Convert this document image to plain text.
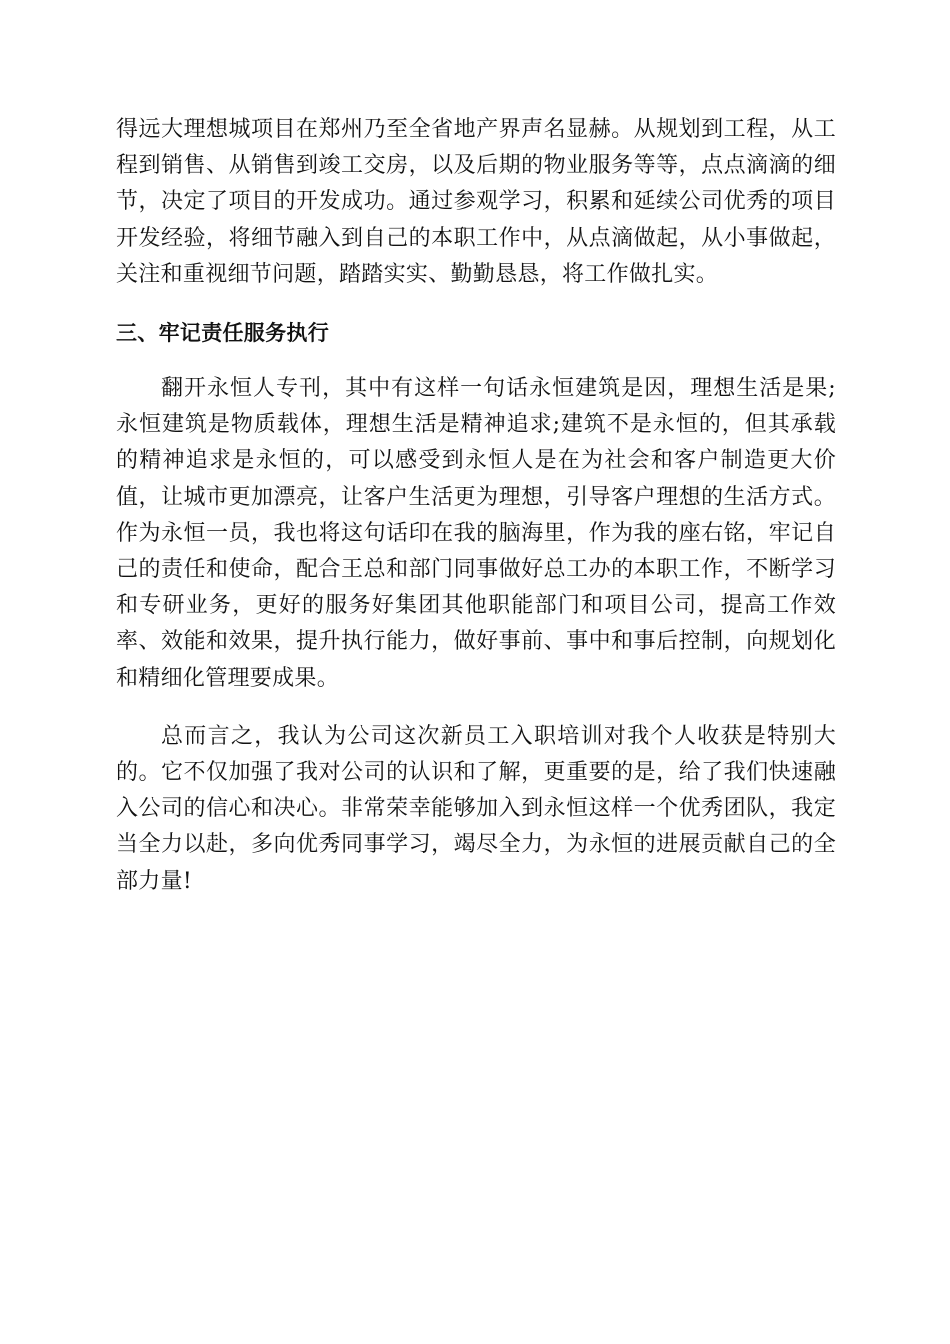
得远大理想城项目在郑州乃至全省地产界声名显赫。从规划到工程，从工程到销售、从销售到竣工交房，以及后期的物业服务等等，点点滴滴的细节，决定了项目的开发成功。通过参观学习，积累和延续公司优秀的项目开发经验，将细节融入到自己的本职工作中，从点滴做起，从小事做起，关注和重视细节问题，踏踏实实、勤勤恳恳，将工作做扎实。

三、牢记责任服务执行

翻开永恒人专刊，其中有这样一句话永恒建筑是因，理想生活是果;永恒建筑是物质载体，理想生活是精神追求;建筑不是永恒的，但其承载的精神追求是永恒的，可以感受到永恒人是在为社会和客户制造更大价值，让城市更加漂亮，让客户生活更为理想，引导客户理想的生活方式。作为永恒一员，我也将这句话印在我的脑海里，作为我的座右铭，牢记自己的责任和使命，配合王总和部门同事做好总工办的本职工作，不断学习和专研业务，更好的服务好集团其他职能部门和项目公司，提高工作效率、效能和效果，提升执行能力，做好事前、事中和事后控制，向规划化和精细化管理要成果。

总而言之，我认为公司这次新员工入职培训对我个人收获是特别大的。它不仅加强了我对公司的认识和了解，更重要的是，给了我们快速融入公司的信心和决心。非常荣幸能够加入到永恒这样一个优秀团队，我定当全力以赴，多向优秀同事学习，竭尽全力，为永恒的进展贡献自己的全部力量!
